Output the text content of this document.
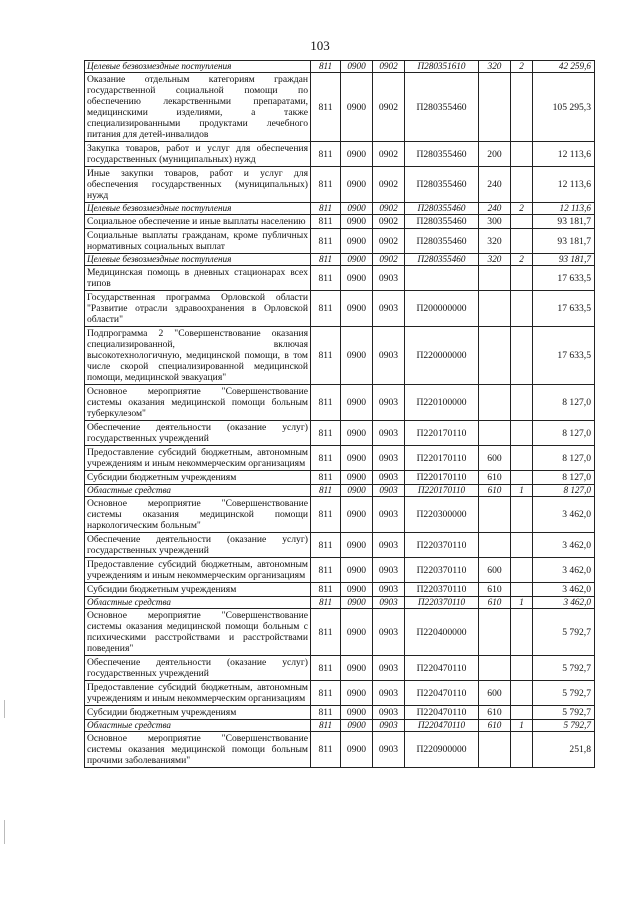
103
Целевые безвозмездные поступления	811	0900	0902	П280351610	320	2	42 259,6
Оказание отдельным категориям граждан государственной социальной помощи по обеспечению лекарственными препаратами, медицинскими изделиями, а также специализированными продуктами лечебного питания для детей-инвалидов	811	0900	0902	П280355460			105 295,3
Закупка товаров, работ и услуг для обеспечения государственных (муниципальных) нужд	811	0900	0902	П280355460	200		12 113,6
Иные закупки товаров, работ и услуг для обеспечения государственных (муниципальных) нужд	811	0900	0902	П280355460	240		12 113,6
Целевые безвозмездные поступления	811	0900	0902	П280355460	240	2	12 113,6
Социальное обеспечение и иные выплаты населению	811	0900	0902	П280355460	300		93 181,7
Социальные выплаты гражданам, кроме публичных нормативных социальных выплат	811	0900	0902	П280355460	320		93 181,7
Целевые безвозмездные поступления	811	0900	0902	П280355460	320	2	93 181,7
Медицинская помощь в дневных стационарах всех типов	811	0900	0903				17 633,5
Государственная программа Орловской области "Развитие отрасли здравоохранения в Орловской области"	811	0900	0903	П200000000			17 633,5
Подпрограмма 2 "Совершенствование оказания специализированной, включая высокотехнологичную, медицинской помощи, в том числе скорой специализированной медицинской помощи, медицинской эвакуация"	811	0900	0903	П220000000			17 633,5
Основное мероприятие "Совершенствование системы оказания медицинской помощи больным туберкулезом"	811	0900	0903	П220100000			8 127,0
Обеспечение деятельности (оказание услуг) государственных учреждений	811	0900	0903	П220170110			8 127,0
Предоставление субсидий бюджетным, автономным учреждениям и иным некоммерческим организациям	811	0900	0903	П220170110	600		8 127,0
Субсидии бюджетным учреждениям	811	0900	0903	П220170110	610		8 127,0
Областные средства	811	0900	0903	П220170110	610	1	8 127,0
Основное мероприятие "Совершенствование системы оказания медицинской помощи наркологическим больным"	811	0900	0903	П220300000			3 462,0
Обеспечение деятельности (оказание услуг) государственных учреждений	811	0900	0903	П220370110			3 462,0
Предоставление субсидий бюджетным, автономным учреждениям и иным некоммерческим организациям	811	0900	0903	П220370110	600		3 462,0
Субсидии бюджетным учреждениям	811	0900	0903	П220370110	610		3 462,0
Областные средства	811	0900	0903	П220370110	610	1	3 462,0
Основное мероприятие "Совершенствование системы оказания медицинской помощи больным с психическими расстройствами и расстройствами поведения"	811	0900	0903	П220400000			5 792,7
Обеспечение деятельности (оказание услуг) государственных учреждений	811	0900	0903	П220470110			5 792,7
Предоставление субсидий бюджетным, автономным учреждениям и иным некоммерческим организациям	811	0900	0903	П220470110	600		5 792,7
Субсидии бюджетным учреждениям	811	0900	0903	П220470110	610		5 792,7
Областные средства	811	0900	0903	П220470110	610	1	5 792,7
Основное мероприятие "Совершенствование системы оказания медицинской помощи больным прочими заболеваниями"	811	0900	0903	П220900000			251,8
